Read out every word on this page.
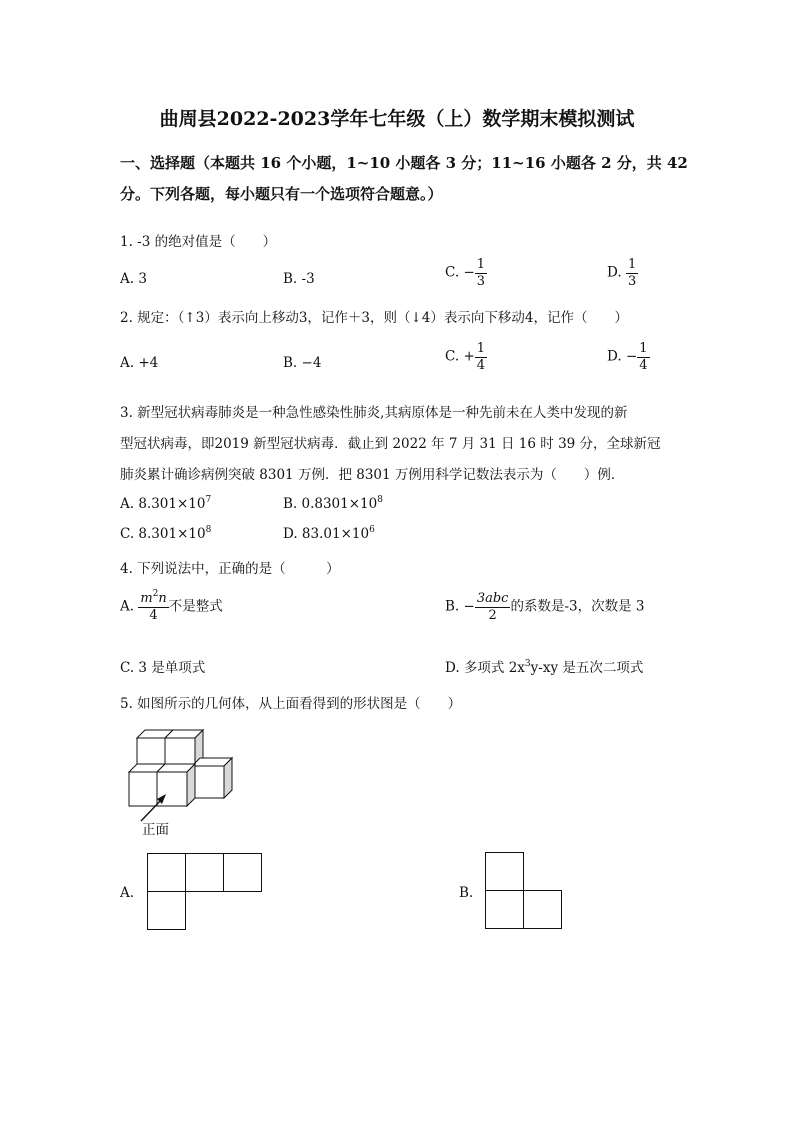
曲周县2022-2023学年七年级（上）数学期末模拟测试
一、选择题（本题共 16 个小题，1~10 小题各 3 分；11~16 小题各 2 分，共 42
分。下列各题，每小题只有一个选项符合题意。）
1. -3 的绝对值是（　　）
A. 3	B. -3	C. − $\frac{1}{3}$	D. $\frac{1}{3}$
2. 规定：（↑3）表示向上移动3，记作＋3，则（↓4）表示向下移动4，记作（　　）
A. +4	B. −4	C. + $\frac{1}{4}$	D. − $\frac{1}{4}$
3. 新型冠状病毒肺炎是一种急性感染性肺炎,其病原体是一种先前未在人类中发现的新
型冠状病毒，即2019 新型冠状病毒．截止到 2022 年 7 月 31 日 16 时 39 分，全球新冠
肺炎累计确诊病例突破 8301 万例．把 8301 万例用科学记数法表示为（　　）例．
A. $8.301\times 10^7$	B. $0.8301\times 10^8$
C. $8.301\times 10^8$	D. $83.01\times 10^6$
4. 下列说法中，正确的是（　　　）
A. $\frac{m^2n}{4}$ 不是整式	B. − $\frac{\text{3abc}}{2}$ 的系数是-3，次数是 3
C. 3 是单项式	D. 多项式 $2x^3y-xy$ 是五次二项式
5. 如图所示的几何体，从上面看得到的形状图是（　　）
正面
A.	B.
